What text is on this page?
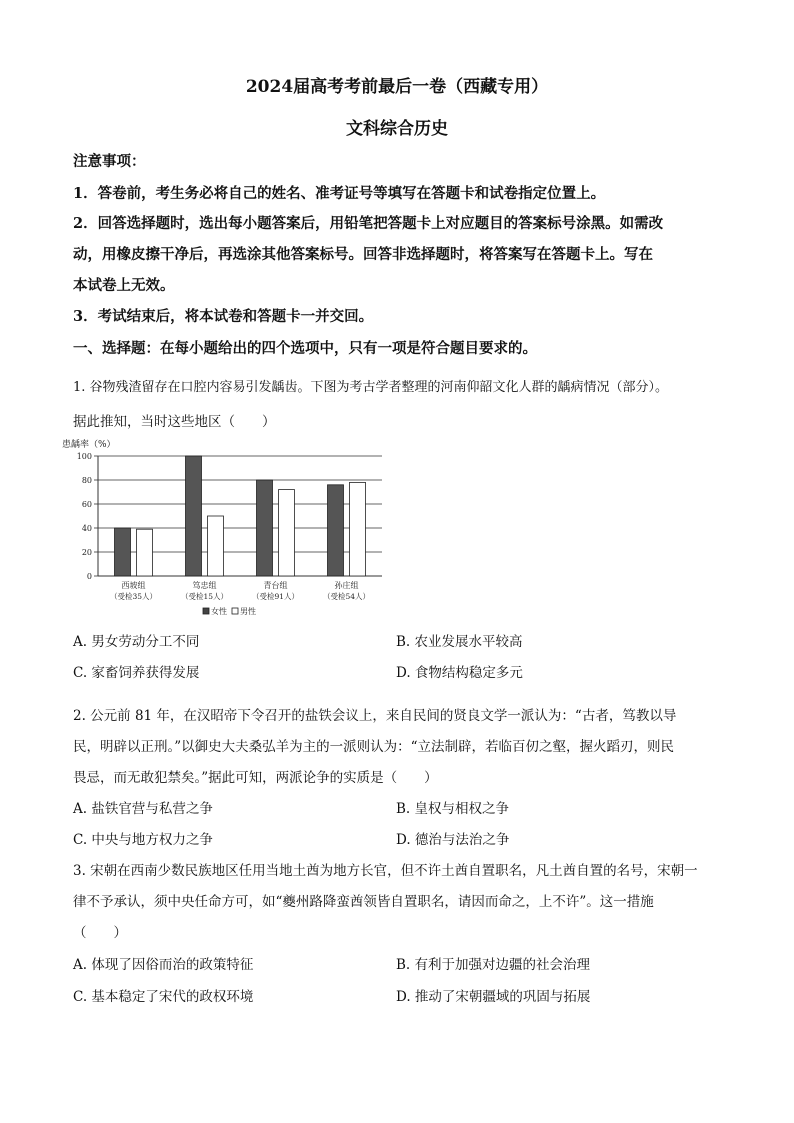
2024届高考考前最后一卷（西藏专用）
文科综合历史
注意事项：
1．答卷前，考生务必将自己的姓名、准考证号等填写在答题卡和试卷指定位置上。
2．回答选择题时，选出每小题答案后，用铅笔把答题卡上对应题目的答案标号涂黑。如需改
动，用橡皮擦干净后，再选涂其他答案标号。回答非选择题时，将答案写在答题卡上。写在
本试卷上无效。
3．考试结束后，将本试卷和答题卡一并交回。
一、选择题：在每小题给出的四个选项中，只有一项是符合题目要求的。
1. 谷物残渣留存在口腔内容易引发龋齿。下图为考古学者整理的河南仰韶文化人群的龋病情况（部分）。
据此推知，当时这些地区（　　）
患龋率（%）
0
20
40
60
80
100
西坡组
（受检35人）
笃忠组
（受检15人）
青台组
（受检91人）
孙庄组
（受检54人）
女性 男性
A. 男女劳动分工不同	B. 农业发展水平较高
C. 家畜饲养获得发展	D. 食物结构稳定多元
2. 公元前 81 年，在汉昭帝下令召开的盐铁会议上，来自民间的贤良文学一派认为：“古者，笃教以导
民，明辟以正刑。”以御史大夫桑弘羊为主的一派则认为：“立法制辟，若临百仞之壑，握火蹈刃，则民
畏忌，而无敢犯禁矣。”据此可知，两派论争的实质是（　　）
A. 盐铁官营与私营之争	B. 皇权与相权之争
C. 中央与地方权力之争	D. 德治与法治之争
3. 宋朝在西南少数民族地区任用当地土酋为地方长官，但不许土酋自置职名，凡土酋自置的名号，宋朝一
律不予承认，须中央任命方可，如“夔州路降蛮酋领皆自置职名，请因而命之，上不许”。这一措施
（　　）
A. 体现了因俗而治的政策特征	B. 有利于加强对边疆的社会治理
C. 基本稳定了宋代的政权环境	D. 推动了宋朝疆域的巩固与拓展
